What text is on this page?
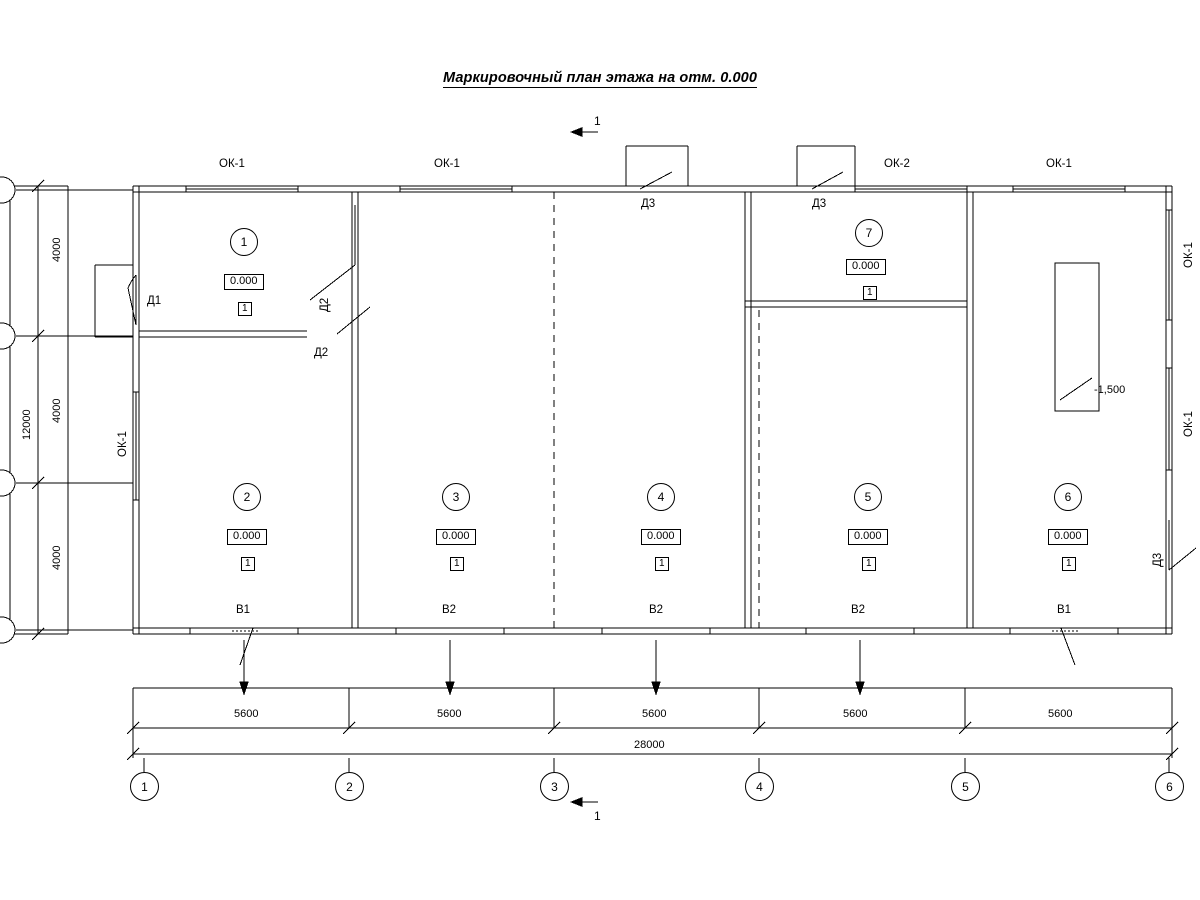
Маркировочный план этажа на отм. 0.000
ОК-1	ОК-1	ОК-2	ОК-1
ОК-1
ОК-1
ОК-1
Д1	Д2
Д2
Д3	Д3
Д3
В1	В2	В2	В2	В1
1
0.000
1
2
0.000
1
3
0.000
1
4
0.000
1
5
0.000
1
6
0.000
1
7
0.000
1
-1,500
5600	5600	5600	5600	5600
28000
4000
4000
4000
12000
1	2	3	4	5	6
1
1
